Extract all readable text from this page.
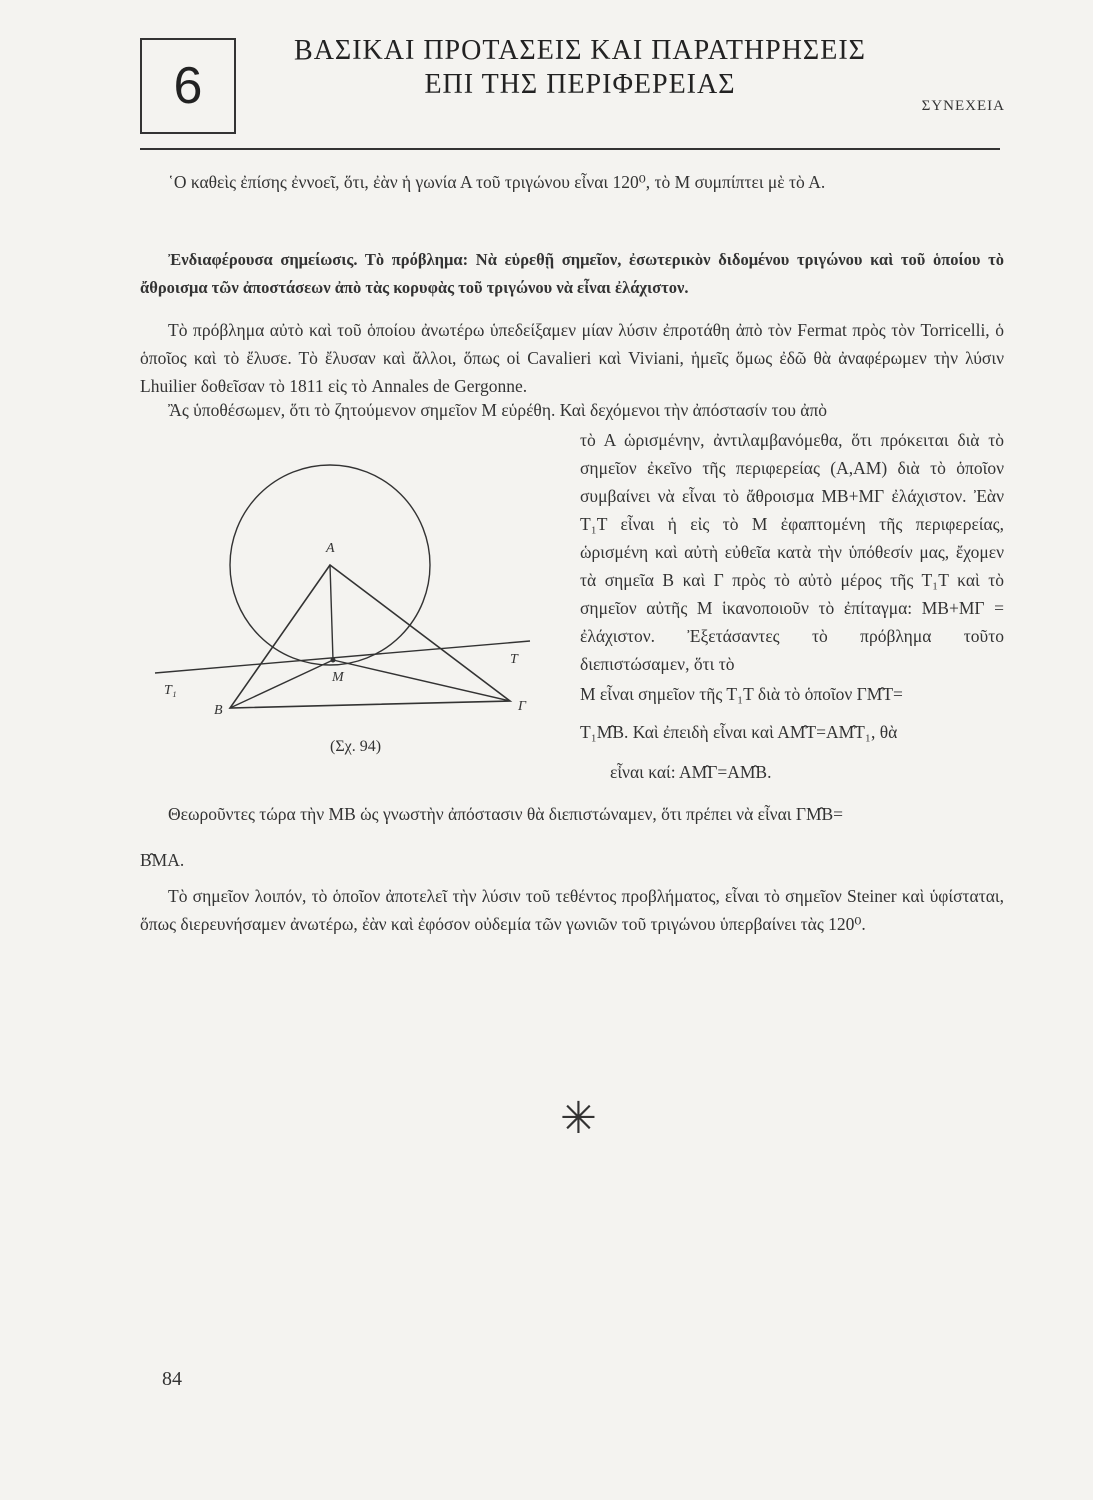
6
ΒΑΣΙΚΑΙ ΠΡΟΤΑΣΕΙΣ ΚΑΙ ΠΑΡΑΤΗΡΗΣΕΙΣ
ΕΠΙ ΤΗΣ ΠΕΡΙΦΕΡΕΙΑΣ
ΣΥΝΕΧΕΙΑ
῾Ο καθεὶς ἐπίσης ἐννοεῖ, ὅτι, ἐὰν ἡ γωνία Α τοῦ τριγώνου εἶναι 120⁰, τὸ Μ συμπίπτει μὲ τὸ Α.
Ἐνδιαφέρουσα σημείωσις. Τὸ πρόβλημα: Νὰ εὑρεθῇ σημεῖον, ἐσωτερικὸν διδομένου τριγώνου καὶ τοῦ ὁποίου τὸ ἄθροισμα τῶν ἀποστάσεων ἀπὸ τὰς κορυφὰς τοῦ τριγώνου νὰ εἶναι ἐλάχιστον.
Τὸ πρόβλημα αὐτὸ καὶ τοῦ ὁποίου ἀνωτέρω ὑπεδείξαμεν μίαν λύσιν ἐπροτάθη ἀπὸ τὸν Fermat πρὸς τὸν Torricelli, ὁ ὁποῖος καὶ τὸ ἔλυσε. Τὸ ἔλυσαν καὶ ἄλλοι, ὅπως οἱ Cavalieri καὶ Viviani, ἡμεῖς ὅμως ἐδῶ θὰ ἀναφέρωμεν τὴν λύσιν Lhuilier δοθεῖσαν τὸ 1811 εἰς τὸ Annales de Gergonne.
Ἂς ὑποθέσωμεν, ὅτι τὸ ζητούμενον σημεῖον Μ εὑρέθη. Καὶ δεχόμενοι τὴν ἀπόστασίν του ἀπὸ
τὸ Α ὡρισμένην, ἀντιλαμβανόμεθα, ὅτι πρόκειται διὰ τὸ σημεῖον ἐκεῖνο τῆς περιφερείας (Α,ΑΜ) διὰ τὸ ὁποῖον συμβαίνει νὰ εἶναι τὸ ἄθροισμα ΜΒ+ΜΓ ἐλάχιστον. Ἐὰν Τ₁Τ εἶναι ἡ εἰς τὸ Μ ἐφαπτομένη τῆς περιφερείας, ὡρισμένη καὶ αὐτὴ εὐθεῖα κατὰ τὴν ὑπόθεσίν μας, ἔχομεν τὰ σημεῖα Β καὶ Γ πρὸς τὸ αὐτὸ μέρος τῆς Τ₁Τ καὶ τὸ σημεῖον αὐτῆς Μ ἱκανοποιοῦν τὸ ἐπίταγμα: ΜΒ+ΜΓ = ἐλάχιστον. Ἐξετάσαντες τὸ πρόβλημα τοῦτο διεπιστώσαμεν, ὅτι τὸ
Μ εἶναι σημεῖον τῆς Τ₁Τ διὰ τὸ ὁποῖον ΓΜ̂Τ=
Τ₁Μ̂Β. Καὶ ἐπειδὴ εἶναι καὶ ΑΜ̂Τ=ΑΜ̂Τ₁, θὰ
εἶναι καί: ΑΜ̂Γ=ΑΜ̂Β.
A
B	Γ
M
T
T₁
(Σχ. 94)
Θεωροῦντες τώρα τὴν ΜΒ ὡς γνωστὴν ἀπόστασιν θὰ διεπιστώναμεν, ὅτι πρέπει νὰ εἶναι ΓΜ̂Β=
Β̂ΜΑ.
Τὸ σημεῖον λοιπόν, τὸ ὁποῖον ἀποτελεῖ τὴν λύσιν τοῦ τεθέντος προβλήματος, εἶναι τὸ σημεῖον Steiner καὶ ὑφίσταται, ὅπως διερευνήσαμεν ἀνωτέρω, ἐὰν καὶ ἐφόσον οὐδεμία τῶν γωνιῶν τοῦ τριγώνου ὑπερβαίνει τὰς 120⁰.
✳
84
